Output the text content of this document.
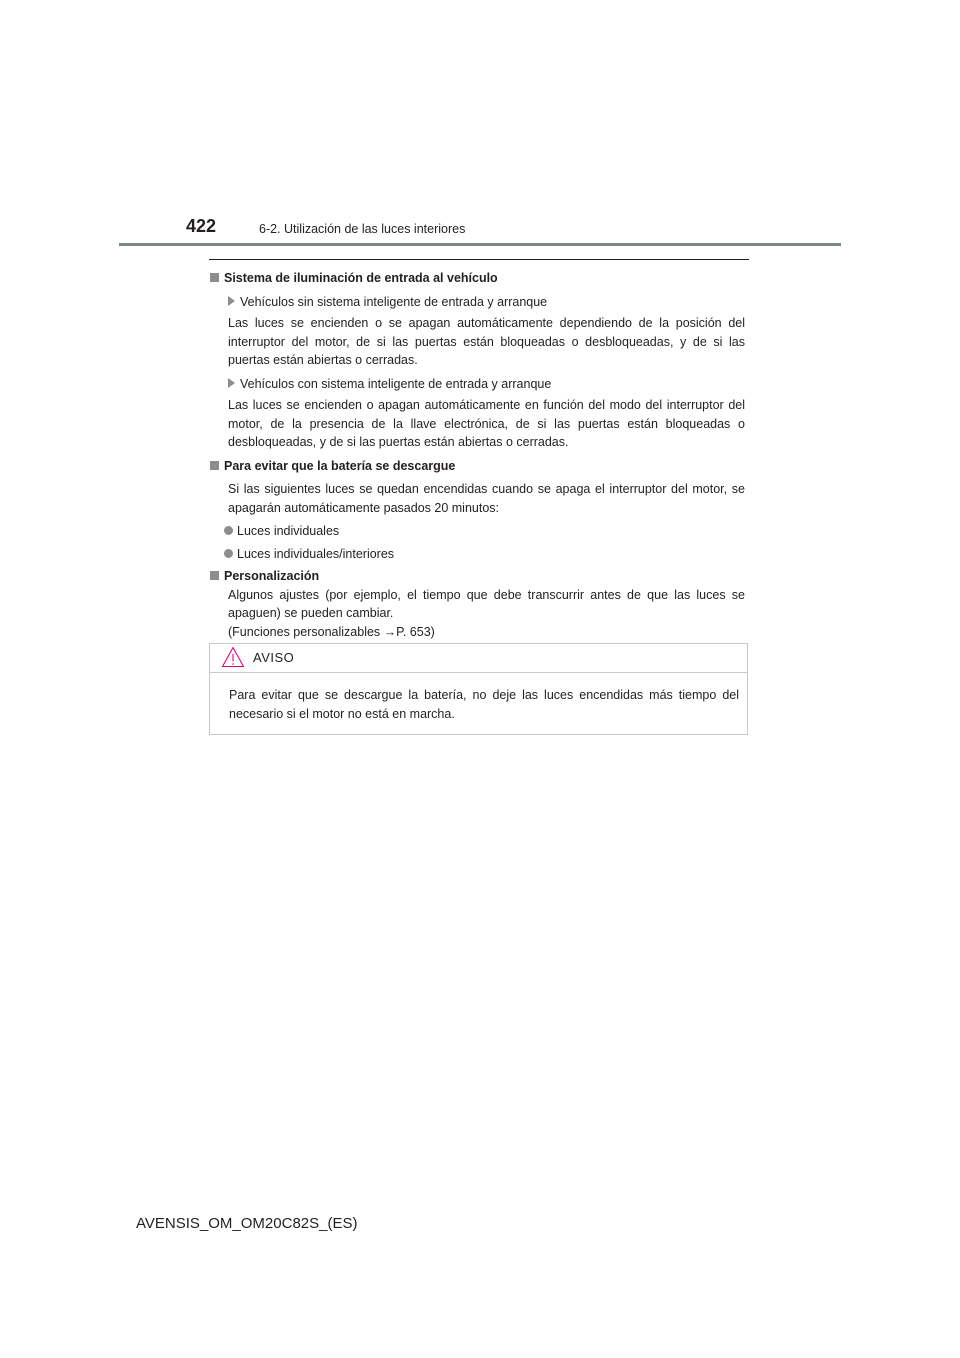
422	6-2. Utilización de las luces interiores
Sistema de iluminación de entrada al vehículo
Vehículos sin sistema inteligente de entrada y arranque
Las luces se encienden o se apagan automáticamente dependiendo de la posición del interruptor del motor, de si las puertas están bloqueadas o desbloqueadas, y de si las puertas están abiertas o cerradas.
Vehículos con sistema inteligente de entrada y arranque
Las luces se encienden o apagan automáticamente en función del modo del interruptor del motor, de la presencia de la llave electrónica, de si las puertas están bloqueadas o desbloqueadas, y de si las puertas están abiertas o cerradas.
Para evitar que la batería se descargue
Si las siguientes luces se quedan encendidas cuando se apaga el interruptor del motor, se apagarán automáticamente pasados 20 minutos:
Luces individuales
Luces individuales/interiores
Personalización
Algunos ajustes (por ejemplo, el tiempo que debe transcurrir antes de que las luces se apaguen) se pueden cambiar.
(Funciones personalizables →P. 653)
AVISO
Para evitar que se descargue la batería, no deje las luces encendidas más tiempo del necesario si el motor no está en marcha.
AVENSIS_OM_OM20C82S_(ES)
